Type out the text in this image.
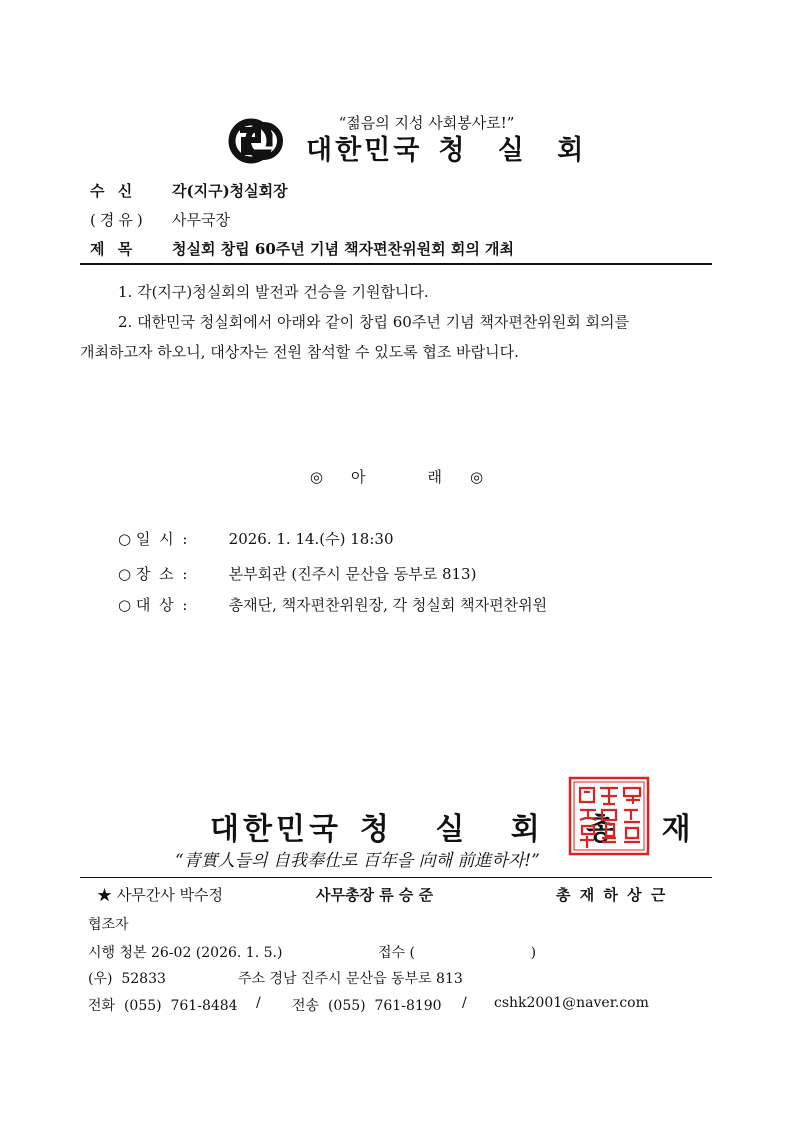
“젊음의 지성 사회봉사로!”
대한민국 청 실 회
수 신 각(지구)청실회장
(경유) 사무국장
제 목 청실회 창립 60주년 기념 책자편찬위원회 회의 개최
1. 각(지구)청실회의 발전과 건승을 기원합니다.
2. 대한민국 청실회에서 아래와 같이 창립 60주년 기념 책자편찬위원회 회의를
개최하고자 하오니, 대상자는 전원 참석할 수 있도록 협조 바랍니다.
◎ 아	래 ◎
○ 일 시 :	2026. 1. 14.(수) 18:30
○ 장 소 :	본부회관 (진주시 문산읍 동부로 813)
○ 대 상 :	총재단, 책자편찬위원장, 각 청실회 책자편찬위원
대한민국 청 실 회 총 재
“青實人들의 自我奉仕로 百年을 向해 前進하자!”
★ 사무간사 박수정	사무총장 류 승 준	총 재 하 상 근
협조자
시행 청본 26-02 (2026. 1. 5.)	접수 (                          )
(우)  52833	주소 경남 진주시 문산읍 동부로 813
전화  (055)  761-8484 / 전송  (055)  761-8190 / cshk2001@naver.com
